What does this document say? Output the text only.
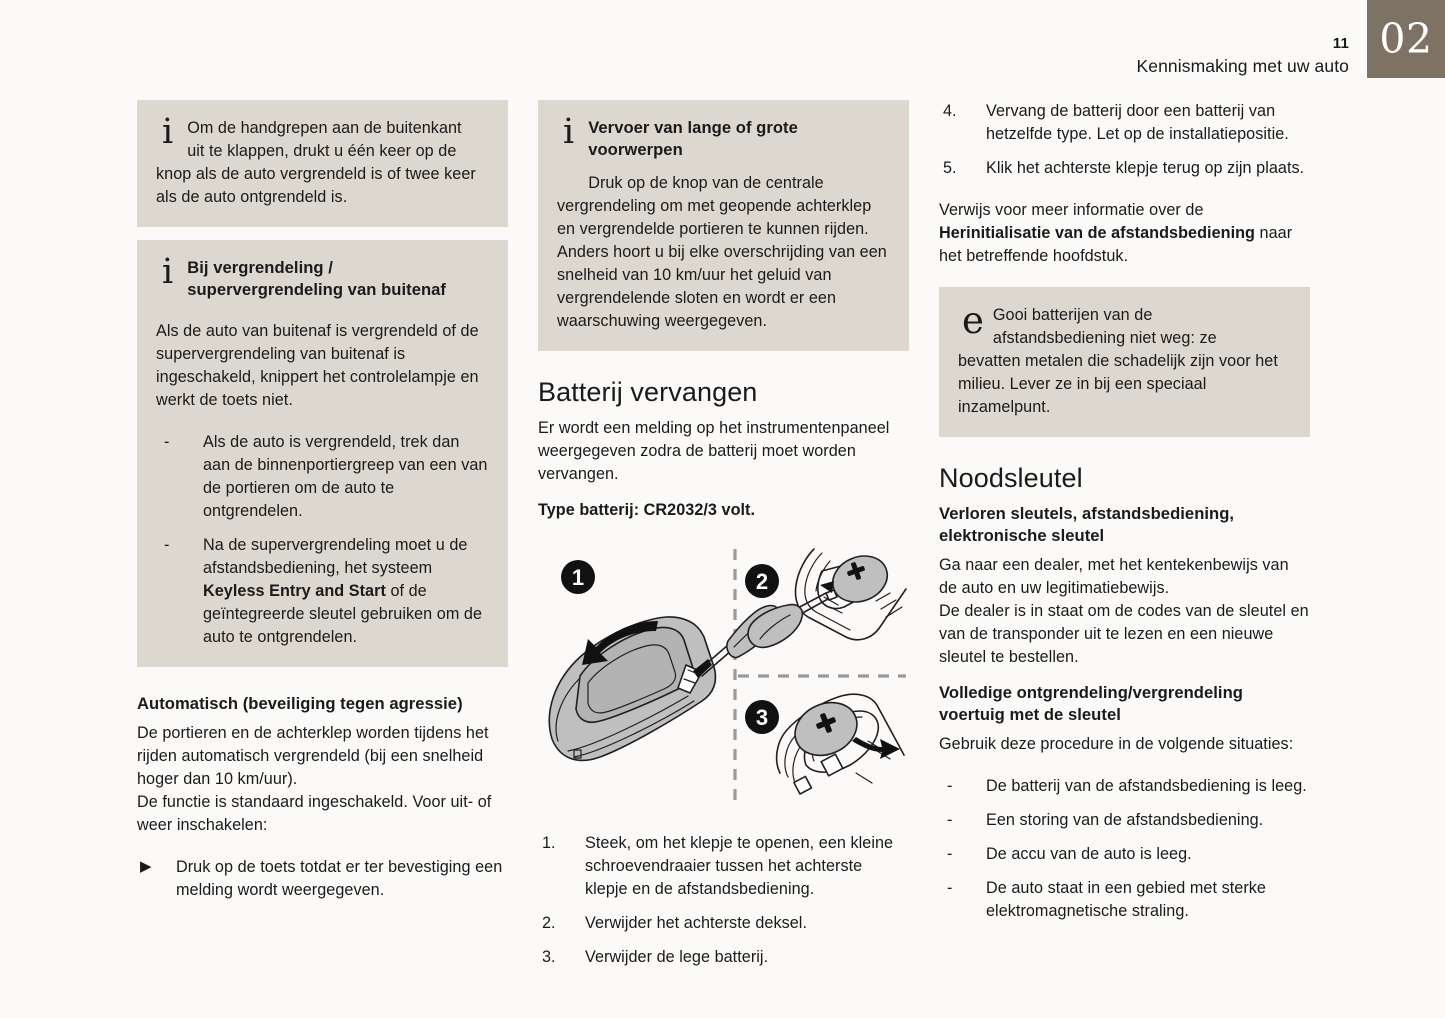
02
11
Kennismaking met uw auto
i Om de handgrepen aan de buitenkant

uit te klappen, drukt u één keer op de

knop als de auto vergrendeld is of twee keer als de auto ontgrendeld is.

i Bij vergrendeling / supervergrendeling van buitenaf

Als de auto van buitenaf is vergrendeld of de supervergrendeling van buitenaf is ingeschakeld, knippert het controlelampje en werkt de toets niet.

- Als de auto is vergrendeld, trek dan aan de binnenportiergreep van een van de portieren om de auto te ontgrendelen.
- Na de supervergrendeling moet u de afstandsbediening, het systeem Keyless Entry and Start of de geïntegreerde sleutel gebruiken om de auto te ontgrendelen.
Automatisch (beveiliging tegen agressie)

De portieren en de achterklep worden tijdens het rijden automatisch vergrendeld (bij een snelheid hoger dan 10 km/uur).

De functie is standaard ingeschakeld. Voor uit- of weer inschakelen:

▶ Druk op de toets totdat er ter bevestiging een melding wordt weergegeven.
i Vervoer van lange of grote voorwerpen

Druk op de knop van de centrale

vergrendeling om met geopende achterklep en vergrendelde portieren te kunnen rijden. Anders hoort u bij elke overschrijding van een snelheid van 10 km/uur het geluid van vergrendelende sloten en wordt er een waarschuwing weergegeven.

Batterij vervangen

Er wordt een melding op het instrumentenpaneel weergegeven zodra de batterij moet worden vervangen.

Type batterij: CR2032/3 volt.

1	2
3
1. Steek, om het klepje te openen, een kleine schroevendraaier tussen het achterste klepje en de afstandsbediening.
2. Verwijder het achterste deksel.
3. Verwijder de lege batterij.
4. Vervang de batterij door een batterij van hetzelfde type. Let op de installatiepositie.
5. Klik het achterste klepje terug op zijn plaats.

Verwijs voor meer informatie over de Herinitialisatie van de afstandsbediening naar het betreffende hoofdstuk.

e Gooi batterijen van de

afstandsbediening niet weg: ze

bevatten metalen die schadelijk zijn voor het milieu. Lever ze in bij een speciaal inzamelpunt.

Noodsleutel
Verloren sleutels, afstandsbediening, elektronische sleutel

Ga naar een dealer, met het kentekenbewijs van de auto en uw legitimatiebewijs.

De dealer is in staat om de codes van de sleutel en van de transponder uit te lezen en een nieuwe sleutel te bestellen.

Volledige ontgrendeling/vergrendeling voertuig met de sleutel

Gebruik deze procedure in de volgende situaties:

- De batterij van de afstandsbediening is leeg.
- Een storing van de afstandsbediening.
- De accu van de auto is leeg.
- De auto staat in een gebied met sterke elektromagnetische straling.
